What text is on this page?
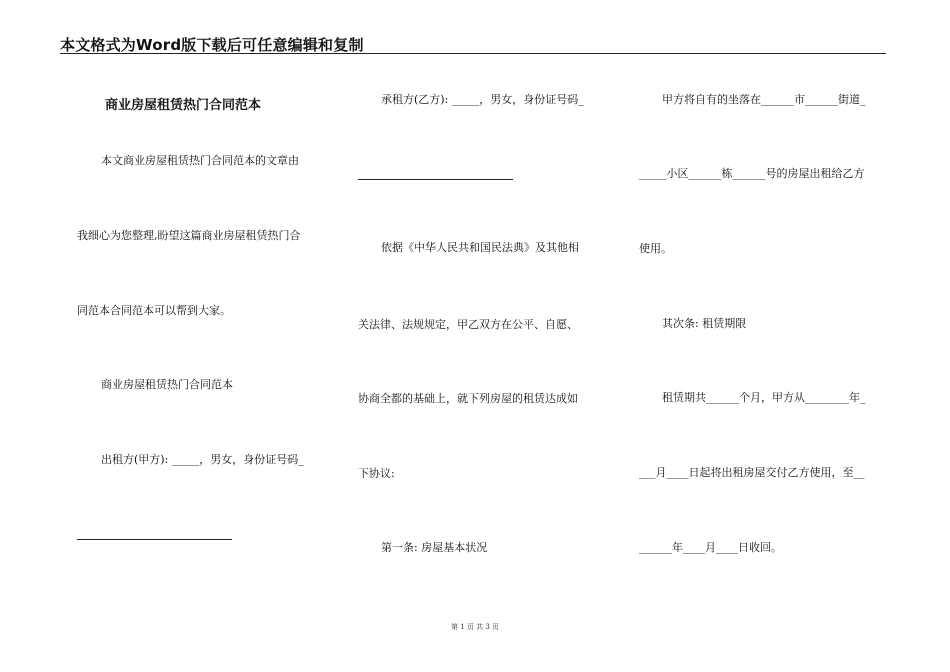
本文格式为Word版下载后可任意编辑和复制
商业房屋租赁热门合同范本
本文商业房屋租赁热门合同范本的文章由
我细心为您整理,盼望这篇商业房屋租赁热门合
同范本合同范本可以帮到大家。
商业房屋租赁热门合同范本
出租方(甲方): _____，男女，身份证号码_
承租方(乙方): _____，男女，身份证号码_
依据《中华人民共和国民法典》及其他相
关法律、法规规定，甲乙双方在公平、自愿、
协商全都的基础上，就下列房屋的租赁达成如
下协议:
第一条: 房屋基本状况
甲方将自有的坐落在______市______街道_
_____小区______栋______号的房屋出租给乙方
使用。
其次条: 租赁期限
租赁期共______个月，甲方从________年_
___月____日起将出租房屋交付乙方使用，至__
______年____月____日收回。
第 1 页 共 3 页
